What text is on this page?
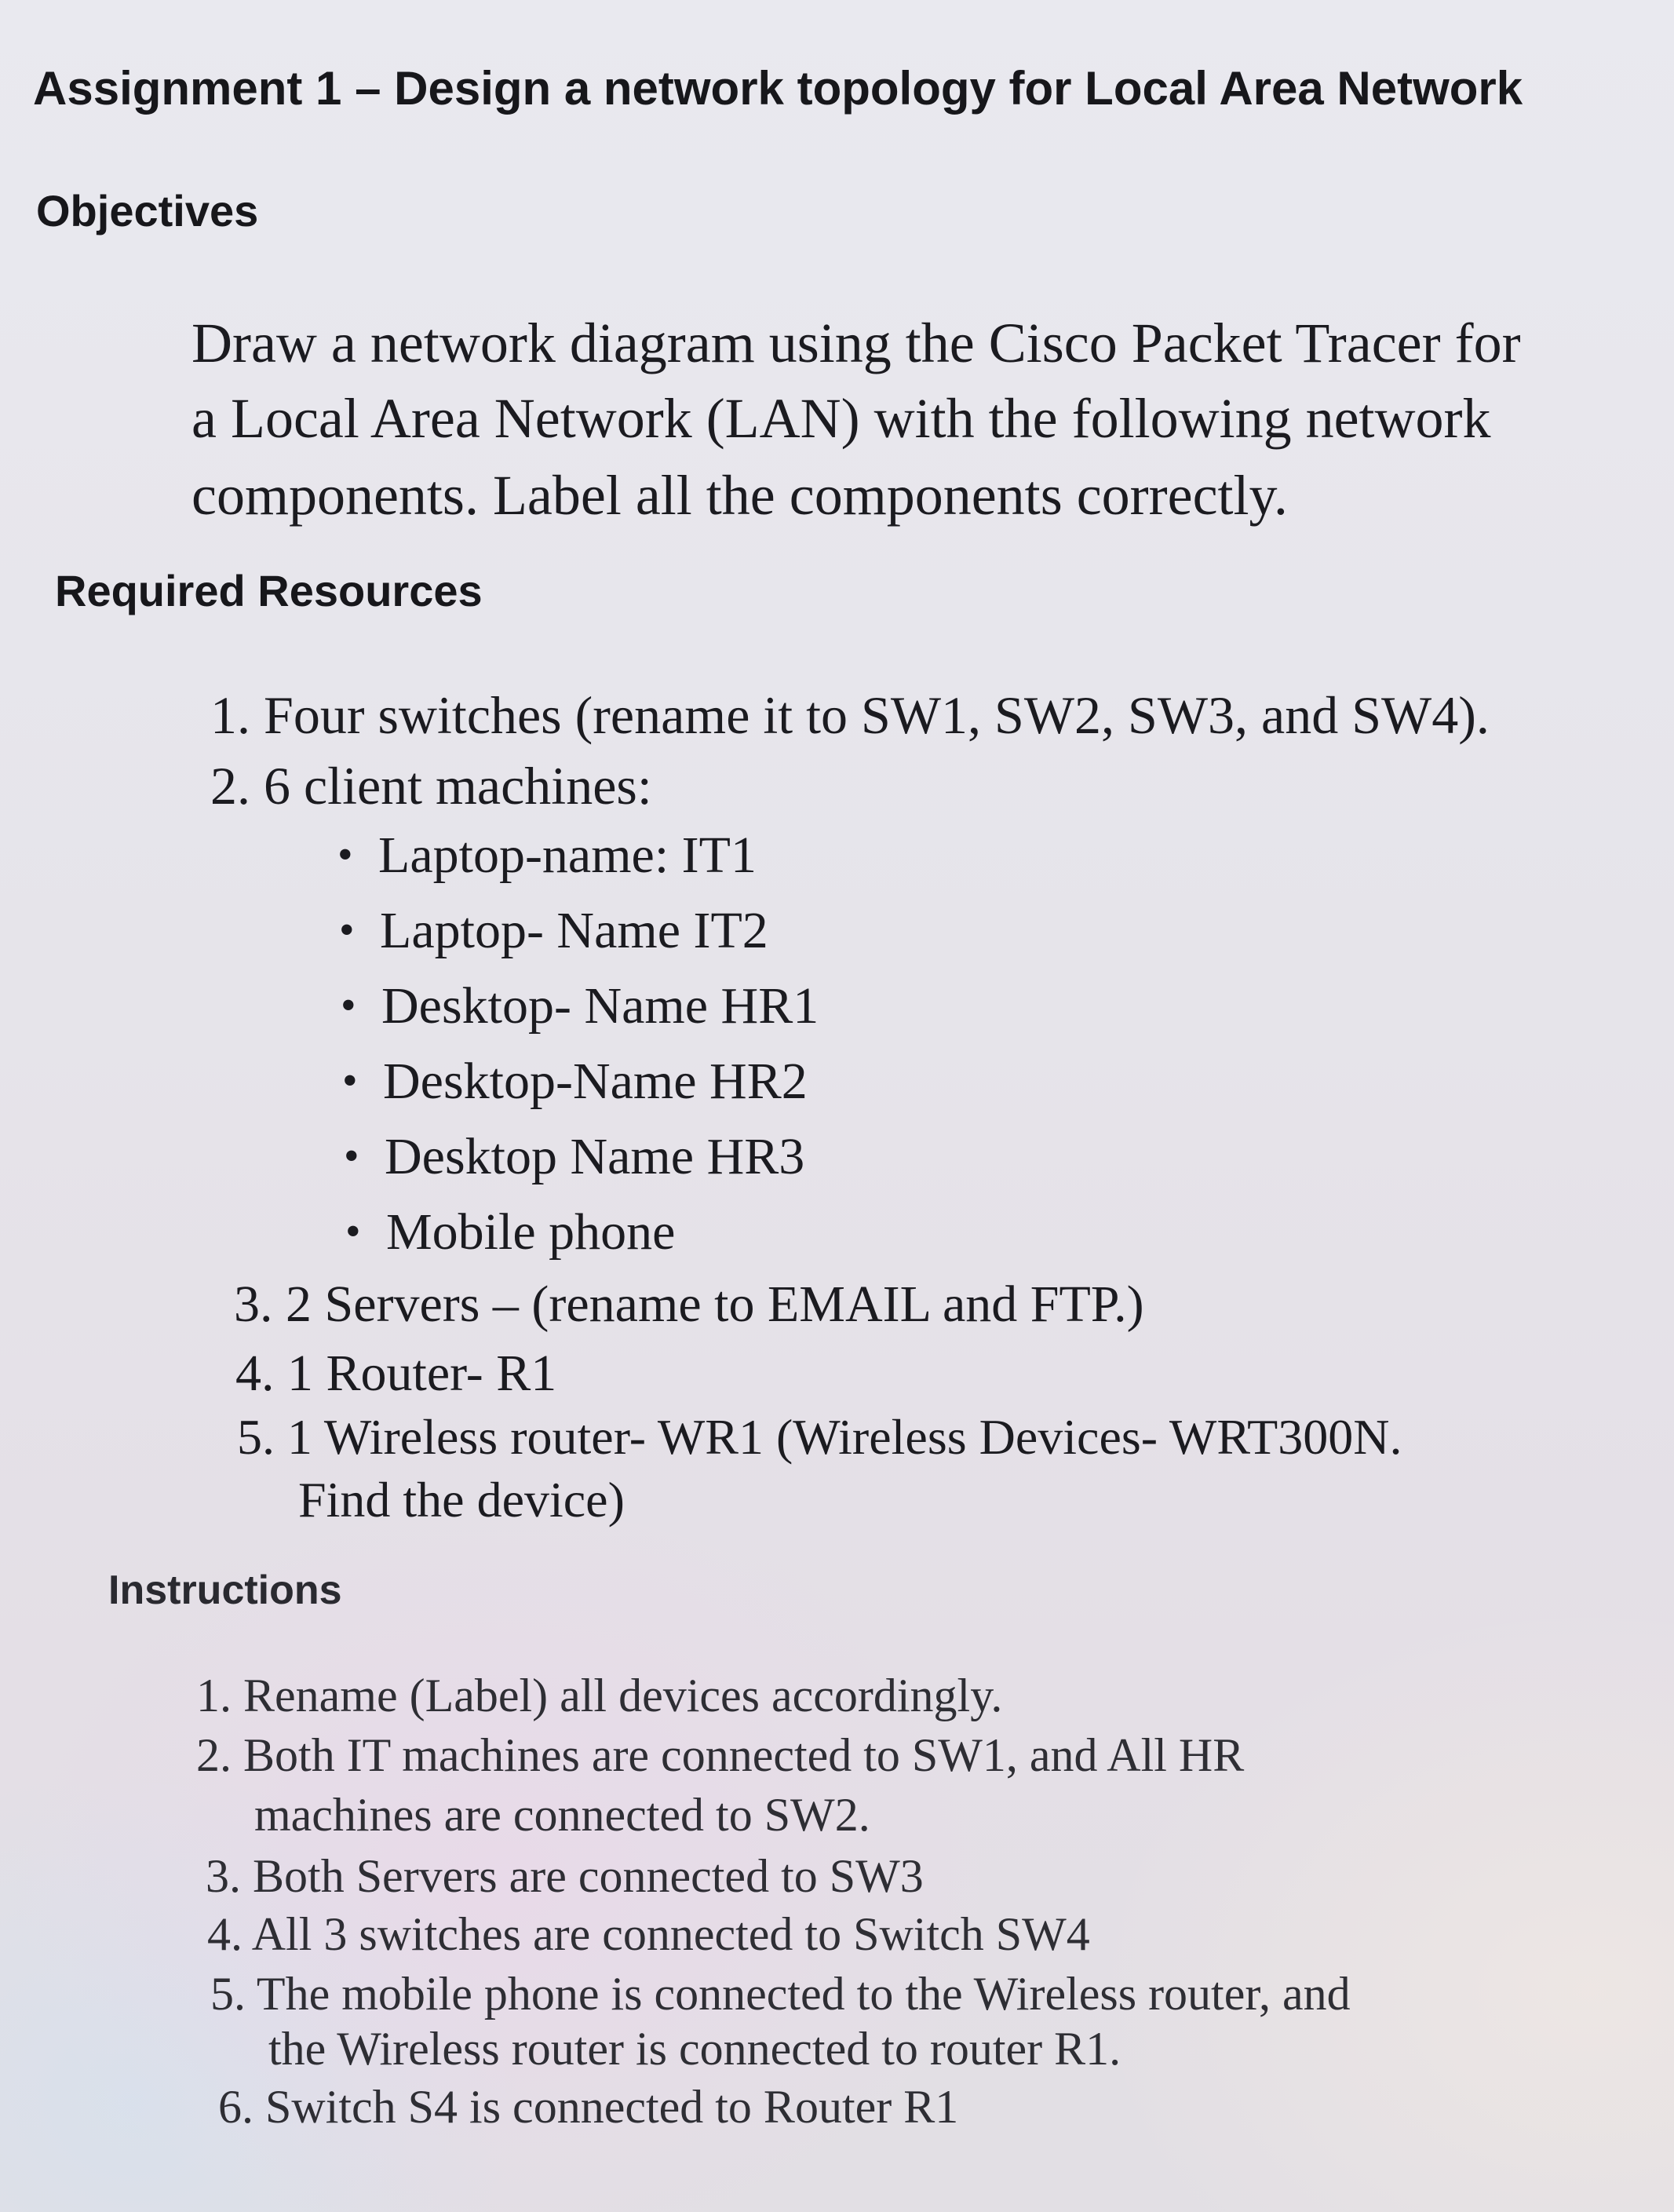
Assignment 1 – Design a network topology for Local Area Network
Objectives

Draw a network diagram using the Cisco Packet Tracer for

a Local Area Network (LAN) with the following network

components. Label all the components correctly.

Required Resources

1. Four switches (rename it to SW1, SW2, SW3, and SW4).

2. 6 client machines:

• Laptop-name: IT1

• Laptop- Name IT2

• Desktop- Name HR1

• Desktop-Name HR2

• Desktop Name HR3

• Mobile phone

3. 2 Servers – (rename to EMAIL and FTP.)

4. 1 Router- R1

5. 1 Wireless router- WR1 (Wireless Devices- WRT300N.

Find the device)

Instructions

1. Rename (Label) all devices accordingly.

2. Both IT machines are connected to SW1, and All HR

machines are connected to SW2.

3. Both Servers are connected to SW3

4. All 3 switches are connected to Switch SW4

5. The mobile phone is connected to the Wireless router, and

the Wireless router is connected to router R1.

6. Switch S4 is connected to Router R1
